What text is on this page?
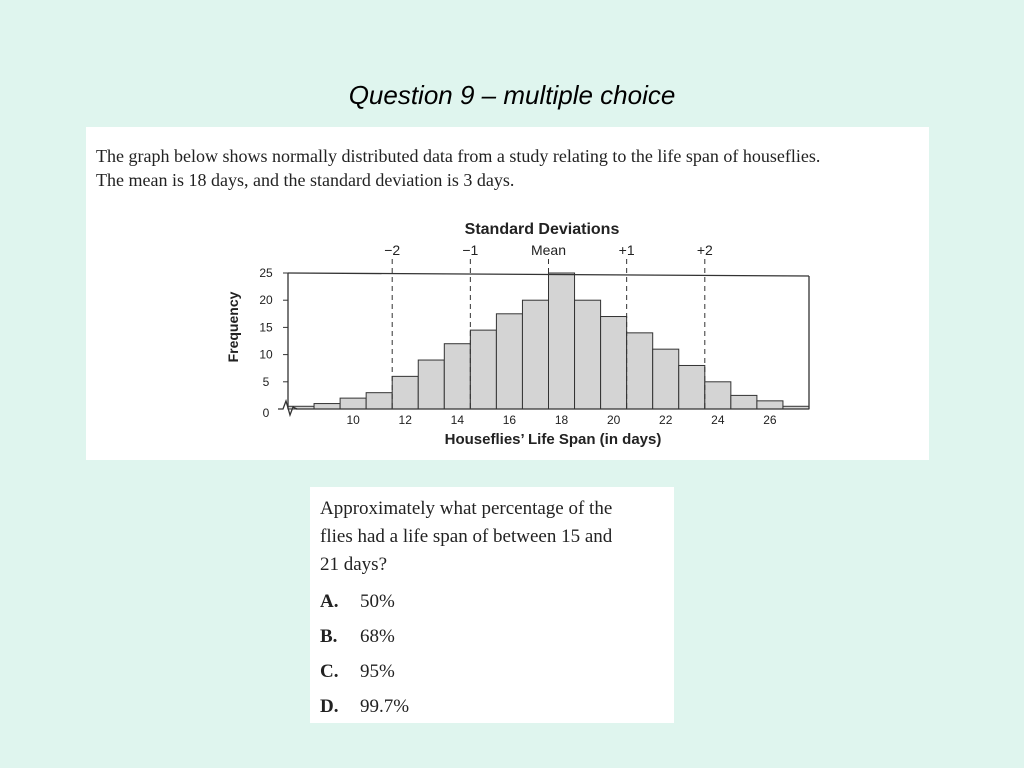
Question 9 – multiple choice
The graph below shows normally distributed data from a study relating to the life span of houseflies.
The mean is 18 days, and the standard deviation is 3 days.
Standard Deviations
Frequency
Houseflies’ Life Span (in days)
−2	−1	Mean	+1	+2
0
5
10
15
20
25
10	12	14	16	18	20	22	24	26
Approximately what percentage of the
flies had a life span of between 15 and
21 days?
A. 50%
B. 68%
C. 95%
D. 99.7%
